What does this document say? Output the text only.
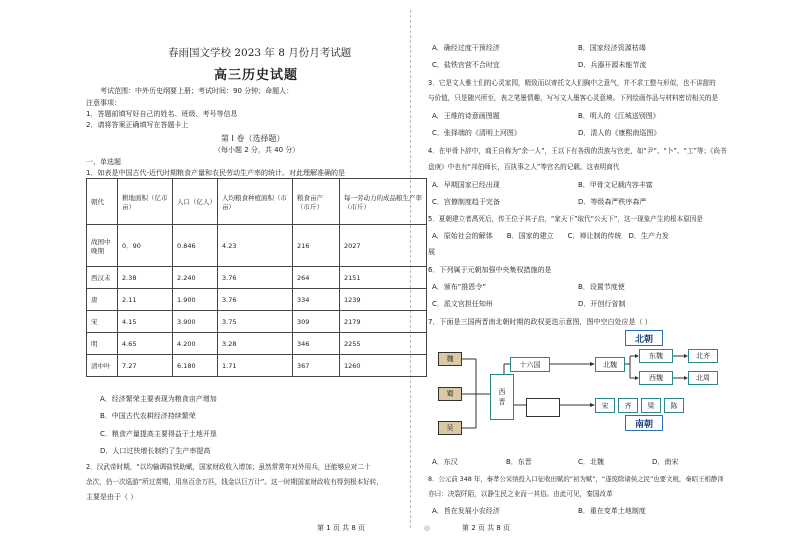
春雨国文学校 2023 年 8 月份月考试题
高三历史试题
考试范围：中外历史纲要上册；考试时间：90 分钟；命题人：
注意事项：
1．答题前填写好自己的姓名、班级、考号等信息
2．请将答案正确填写在答题卡上
第 I 卷（选择题）
（每小题 2 分，共 40 分）
一、单选题
1．如表是中国古代-近代时期粮食产量和农民劳动生产率的统计。对此理解准确的是
朝代	耕地面积（亿市亩）	人口（亿人）	人均粮食种植面积（市亩）	粮食亩产（市斤）	每一劳动力的成品粮生产率（市斤）
战国中晚期	0．90	0.846	4.23	216	2027
西汉末	2.38	2.240	3.76	264	2151
唐	2.11	1.900	3.76	334	1239
宋	4.15	3.900	3.75	309	2179
明	4.65	4.200	3.28	346	2255
清中叶	7.27	6.180	1.71	367	1260
A．经济繁荣主要表现为粮食亩产增加
B．中国古代农耕经济持续繁荣
C．粮食产量提高主要得益于土地开垦
D．人口过快增长制约了生产率提高
2．汉武帝时期，“以均输调盐铁助赋，国家财政收入增加；虽然常常年对外用兵，还能够应对二十
余次，仍一次巡游”所过赏赐，用帛百余万匹，钱金以巨万计”。这一时期国家财政收有得到根本好转，
主要是由于（ ）
第 1 页 共 8 页	◎
A．确经过度干预经济	B．国家经济资源枯竭
C．盐铁官营不合时宜	D．兵器开源未能节流
3．它是文人雅士们的心灵家园，精致而以寄托文人们胸中之意气，并不求工整与形似，也不讲甜的
与价值，只是随兴所至，表之笔墨情趣，写写文人墨客心灵意境。下列绘画作品与材料密切相关的是
A．王维的诗意画图题	B．明人的《江城送别图》
C．张择端的《清明上河图》	D．清人的《康熙南巡图》
4．在甲骨卜辞中，商王自称为“余一人”，王以下有各级的贵族与官吏，如“尹”、“卜”、“工”等；《尚书
盘庚》中也有“邦伯师长，百执事之人”等官名的记载。这表明商代
A．早期国家已经出现	B．甲骨文记载内容丰富
C．宫僚制度趋于完备	D．等级森严秩序森严
5．夏朝建立者禹死后，传王位于其子启，“家天下”取代“公天下”，这一现象产生的根本原因是
A．原始社会的解体　　B．国家的建立　　C．禅让制的传统　D．生产力发
展
6．下列属于元朝加强中央集权措施的是
A．颁布“推恩令”	B．设置节度使
C．派文官担任知州	D．开创行省制
7．下面是三国两晋南北朝时期的政权更迭示意图，图中空白处应是（ ）
魏
蜀
吴
西
晋
十六国	北魏
北朝
东魏	北齐
西魏	北周
宋	齐	梁	陈
南朝
A．东汉	B．东晋	C．北魏	D．南宋
8．公元前 348 年，秦孝公采纳投入口征收田赋的“初为赋”，“遂废除诸侯之民”也要文税，秦昭王相静泽
亦曰：决裂阡陌，以静生民之业而一其俗。由此可见，秦国改革
A．旨在发展小农经济	B．重在变革土地制度
第 2 页 共 8 页
